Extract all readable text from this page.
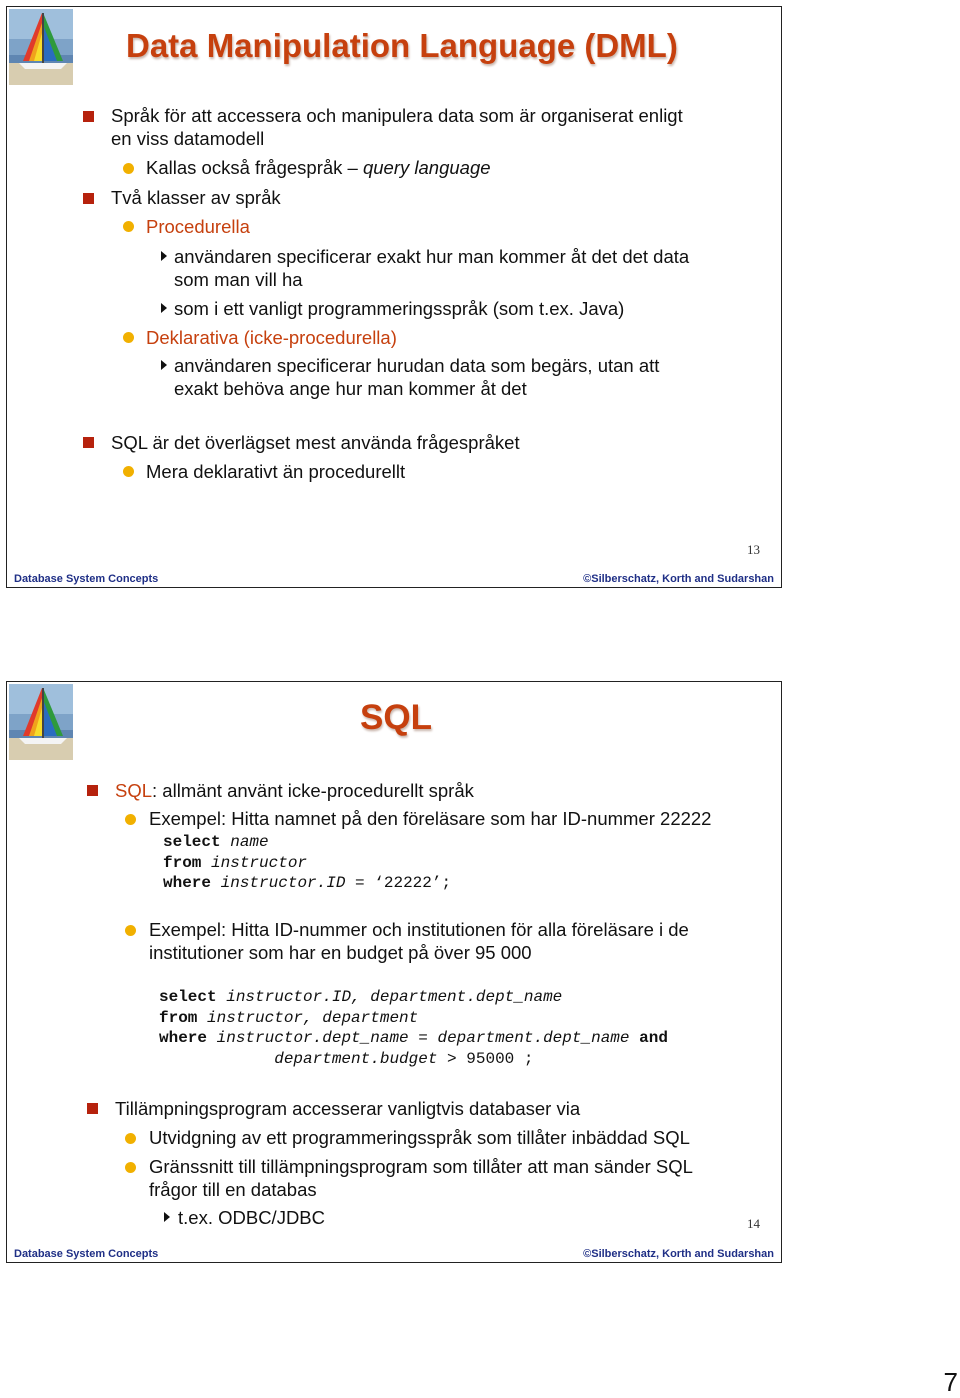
Data Manipulation Language (DML)
Språk för att accessera och manipulera data som är organiserat enligt
en viss datamodell
Kallas också frågespråk – query language
Två klasser av språk
Procedurella
användaren specificerar exakt hur man kommer åt det det data
som man vill ha
som i ett vanligt programmeringsspråk (som t.ex. Java)
Deklarativa (icke-procedurella)
användaren specificerar hurudan data som begärs, utan att
exakt behöva ange hur man kommer åt det
SQL är det överlägset mest använda frågespråket
Mera deklarativt än procedurellt
13
Database System Concepts	©Silberschatz, Korth and Sudarshan
SQL
SQL: allmänt använt icke-procedurellt språk
Exempel: Hitta namnet på den föreläsare som har ID-nummer 22222
select name
from instructor
where instructor.ID = ‘22222’;
Exempel: Hitta ID-nummer och institutionen för alla föreläsare i de
institutioner som har en budget på över 95 000
select instructor.ID, department.dept_name
from instructor, department
where instructor.dept_name = department.dept_name and
department.budget > 95000 ;
Tillämpningsprogram accesserar vanligtvis databaser via
Utvidgning av ett programmeringsspråk som tillåter inbäddad SQL
Gränssnitt till tillämpningsprogram som tillåter att man sänder SQL
frågor till en databas
t.ex. ODBC/JDBC	14
Database System Concepts	©Silberschatz, Korth and Sudarshan
7
